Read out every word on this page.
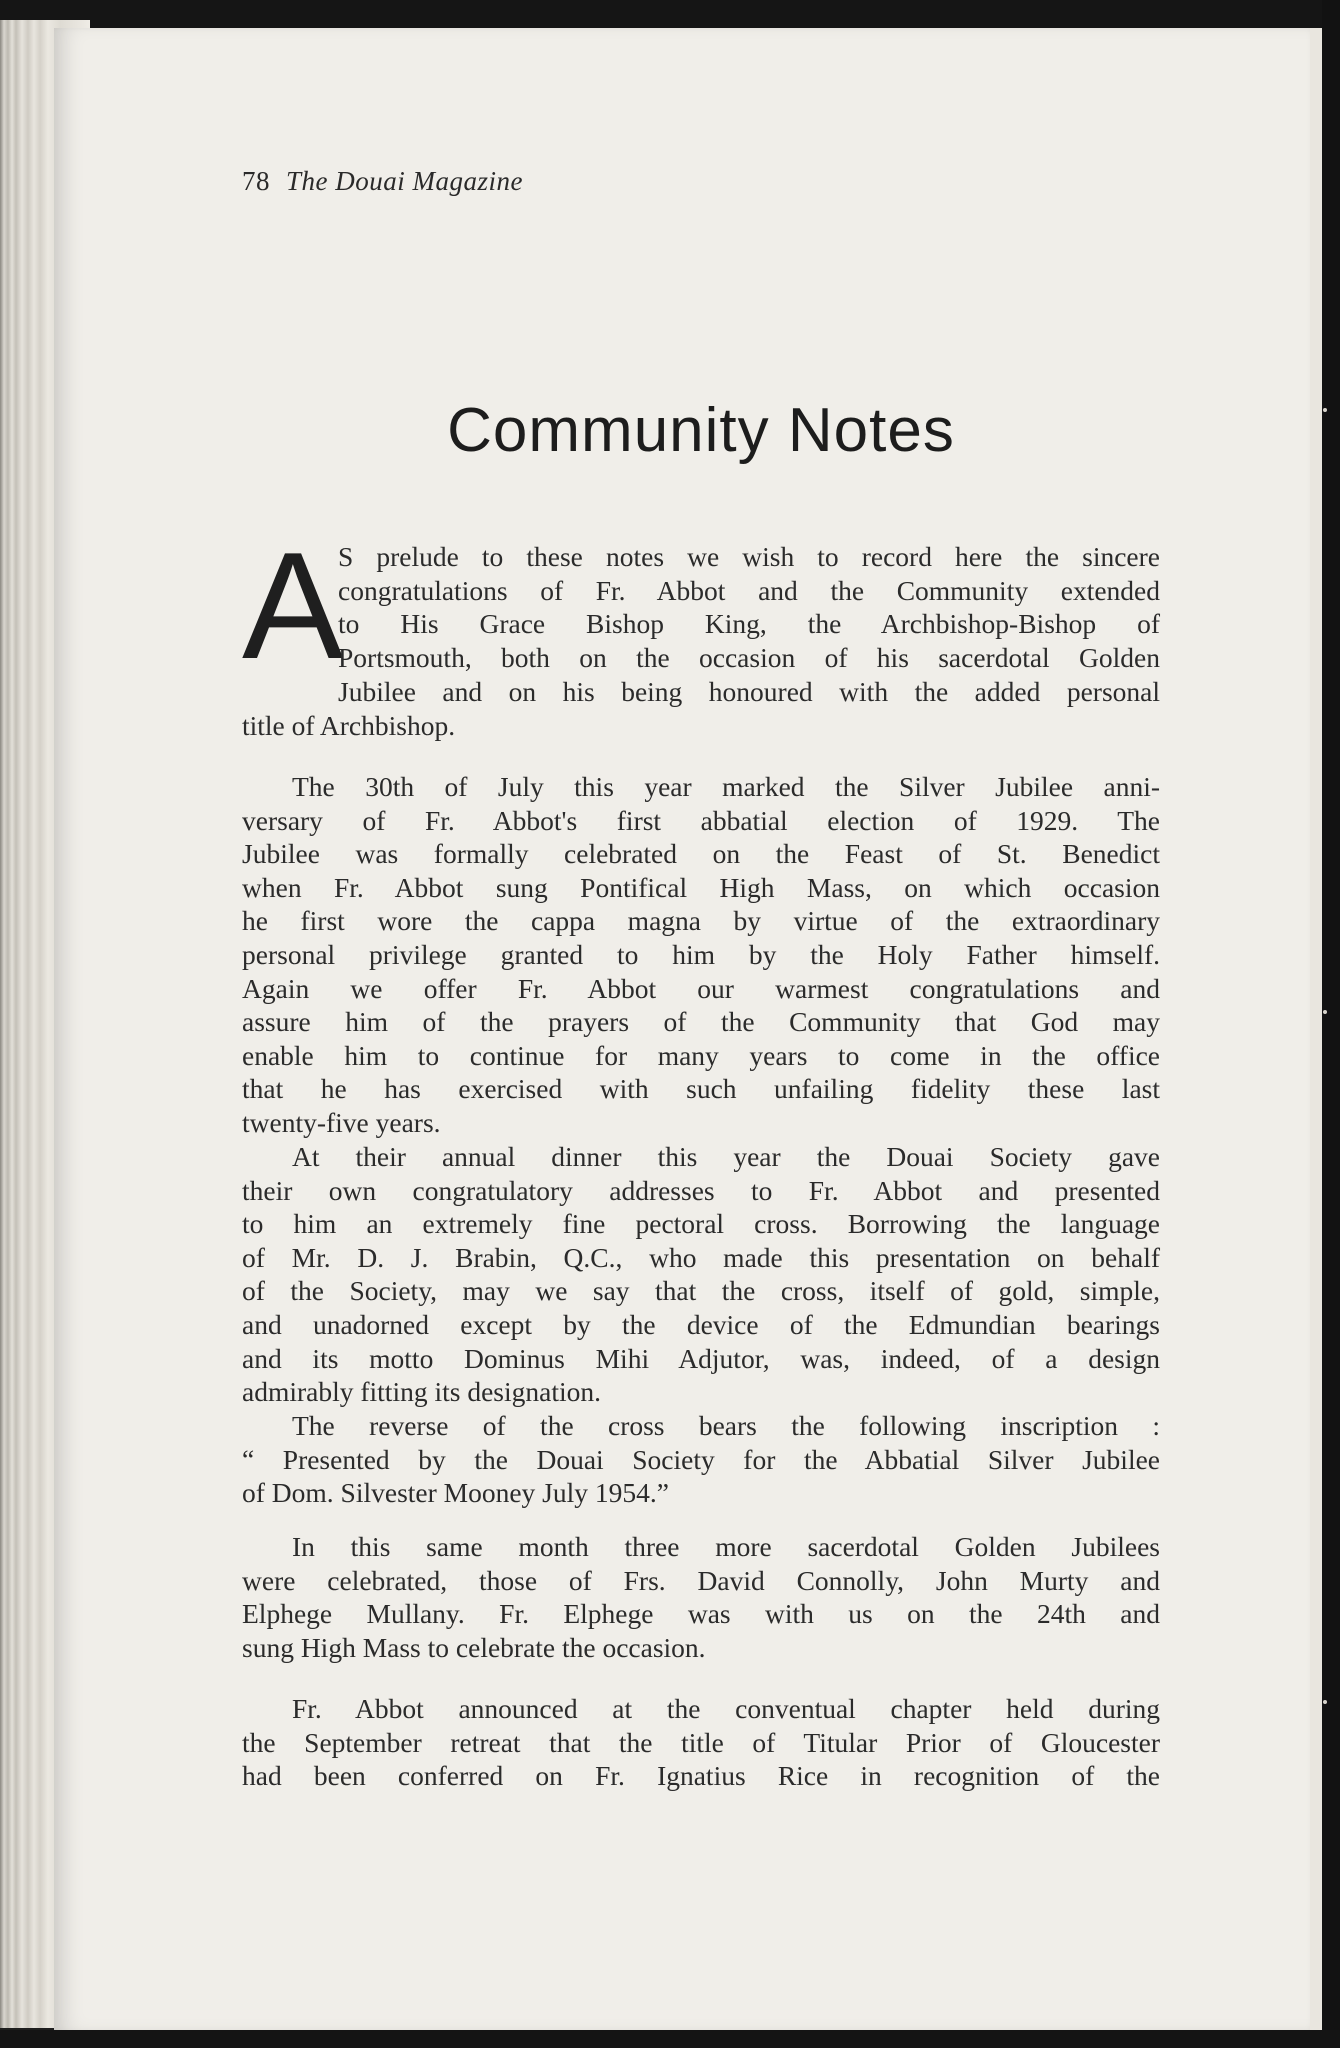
78 The Douai Magazine
Community Notes
A
S prelude to these notes we wish to record here the sincere
congratulations of Fr. Abbot and the Community extended
to His Grace Bishop King, the Archbishop-Bishop of
Portsmouth, both on the occasion of his sacerdotal Golden
Jubilee and on his being honoured with the added personal
title of Archbishop.
The 30th of July this year marked the Silver Jubilee anni-
versary of Fr. Abbot's first abbatial election of 1929. The
Jubilee was formally celebrated on the Feast of St. Benedict
when Fr. Abbot sung Pontifical High Mass, on which occasion
he first wore the cappa magna by virtue of the extraordinary
personal privilege granted to him by the Holy Father himself.
Again we offer Fr. Abbot our warmest congratulations and
assure him of the prayers of the Community that God may
enable him to continue for many years to come in the office
that he has exercised with such unfailing fidelity these last
twenty-five years.
At their annual dinner this year the Douai Society gave
their own congratulatory addresses to Fr. Abbot and presented
to him an extremely fine pectoral cross. Borrowing the language
of Mr. D. J. Brabin, Q.C., who made this presentation on behalf
of the Society, may we say that the cross, itself of gold, simple,
and unadorned except by the device of the Edmundian bearings
and its motto Dominus Mihi Adjutor, was, indeed, of a design
admirably fitting its designation.
The reverse of the cross bears the following inscription :
“ Presented by the Douai Society for the Abbatial Silver Jubilee
of Dom. Silvester Mooney July 1954.”
In this same month three more sacerdotal Golden Jubilees
were celebrated, those of Frs. David Connolly, John Murty and
Elphege Mullany. Fr. Elphege was with us on the 24th and
sung High Mass to celebrate the occasion.
Fr. Abbot announced at the conventual chapter held during
the September retreat that the title of Titular Prior of Gloucester
had been conferred on Fr. Ignatius Rice in recognition of the
